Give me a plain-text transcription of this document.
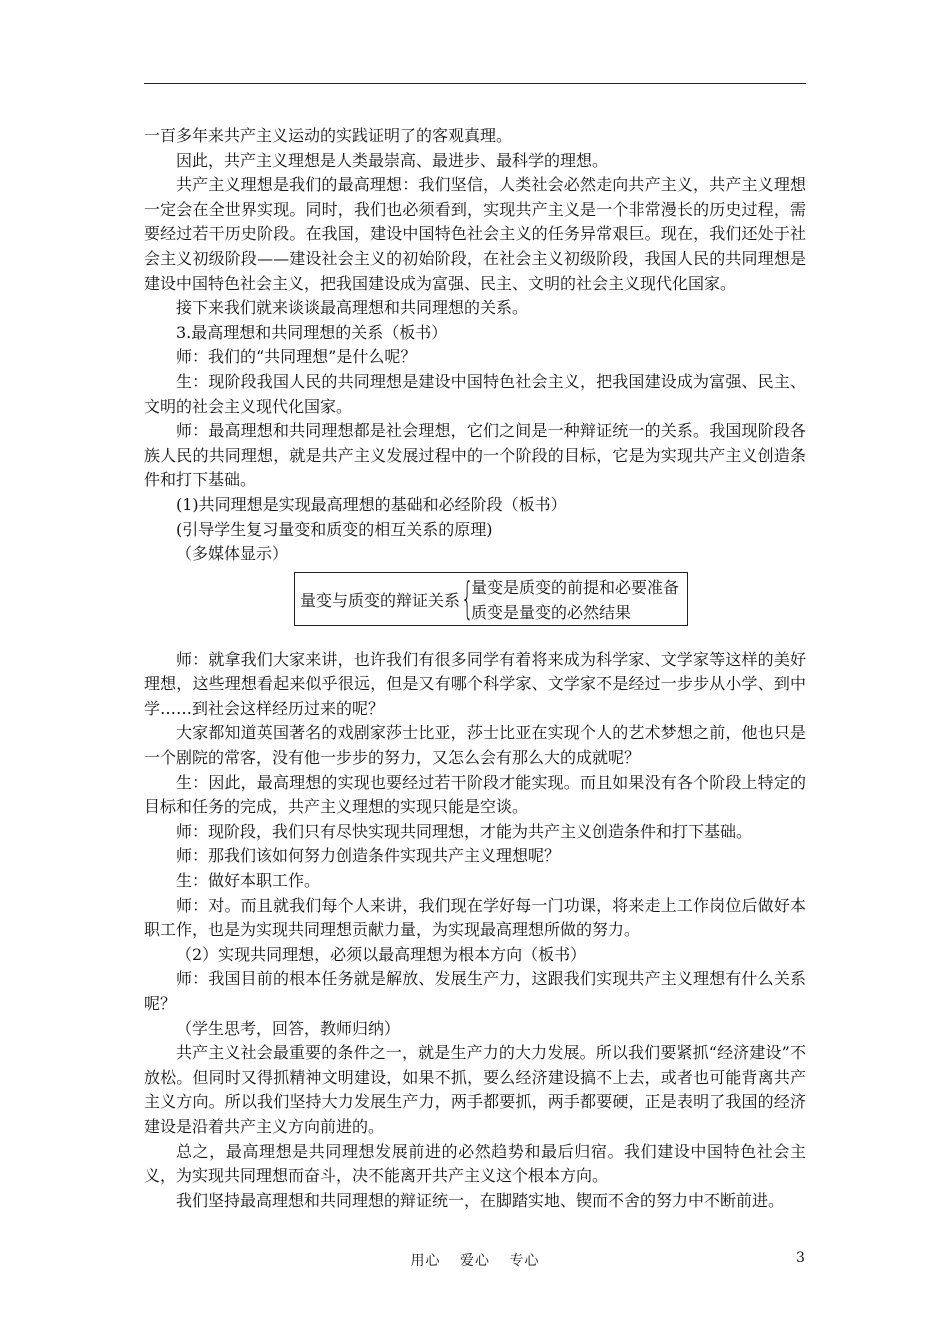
一百多年来共产主义运动的实践证明了的客观真理。

因此，共产主义理想是人类最崇高、最进步、最科学的理想。

共产主义理想是我们的最高理想：我们坚信，人类社会必然走向共产主义，共产主义理想一定会在全世界实现。同时，我们也必须看到，实现共产主义是一个非常漫长的历史过程，需要经过若干历史阶段。在我国，建设中国特色社会主义的任务异常艰巨。现在，我们还处于社会主义初级阶段——建设社会主义的初始阶段，在社会主义初级阶段，我国人民的共同理想是建设中国特色社会主义，把我国建设成为富强、民主、文明的社会主义现代化国家。

接下来我们就来谈谈最高理想和共同理想的关系。

3.最高理想和共同理想的关系（板书）

师：我们的“共同理想”是什么呢？

生：现阶段我国人民的共同理想是建设中国特色社会主义，把我国建设成为富强、民主、文明的社会主义现代化国家。

师：最高理想和共同理想都是社会理想，它们之间是一种辩证统一的关系。我国现阶段各族人民的共同理想，就是共产主义发展过程中的一个阶段的目标，它是为实现共产主义创造条件和打下基础。

(1)共同理想是实现最高理想的基础和必经阶段（板书）

(引导学生复习量变和质变的相互关系的原理)

（多媒体显示）

量变与质变的辩证关系 {
量变是质变的前提和必要准备
质变是量变的必然结果

师：就拿我们大家来讲，也许我们有很多同学有着将来成为科学家、文学家等这样的美好理想，这些理想看起来似乎很远，但是又有哪个科学家、文学家不是经过一步步从小学、到中学……到社会这样经历过来的呢？

大家都知道英国著名的戏剧家莎士比亚，莎士比亚在实现个人的艺术梦想之前，他也只是一个剧院的常客，没有他一步步的努力，又怎么会有那么大的成就呢？

生：因此，最高理想的实现也要经过若干阶段才能实现。而且如果没有各个阶段上特定的目标和任务的完成，共产主义理想的实现只能是空谈。

师：现阶段，我们只有尽快实现共同理想，才能为共产主义创造条件和打下基础。

师：那我们该如何努力创造条件实现共产主义理想呢？

生：做好本职工作。

师：对。而且就我们每个人来讲，我们现在学好每一门功课，将来走上工作岗位后做好本职工作，也是为实现共同理想贡献力量，为实现最高理想所做的努力。

（2）实现共同理想，必须以最高理想为根本方向（板书）

师：我国目前的根本任务就是解放、发展生产力，这跟我们实现共产主义理想有什么关系呢？

（学生思考，回答，教师归纳）

共产主义社会最重要的条件之一，就是生产力的大力发展。所以我们要紧抓“经济建设”不放松。但同时又得抓精神文明建设，如果不抓，要么经济建设搞不上去，或者也可能背离共产主义方向。所以我们坚持大力发展生产力，两手都要抓，两手都要硬，正是表明了我国的经济建设是沿着共产主义方向前进的。

总之，最高理想是共同理想发展前进的必然趋势和最后归宿。我们建设中国特色社会主义，为实现共同理想而奋斗，决不能离开共产主义这个根本方向。

我们坚持最高理想和共同理想的辩证统一，在脚踏实地、锲而不舍的努力中不断前进。

用心 爱心 专心	3
